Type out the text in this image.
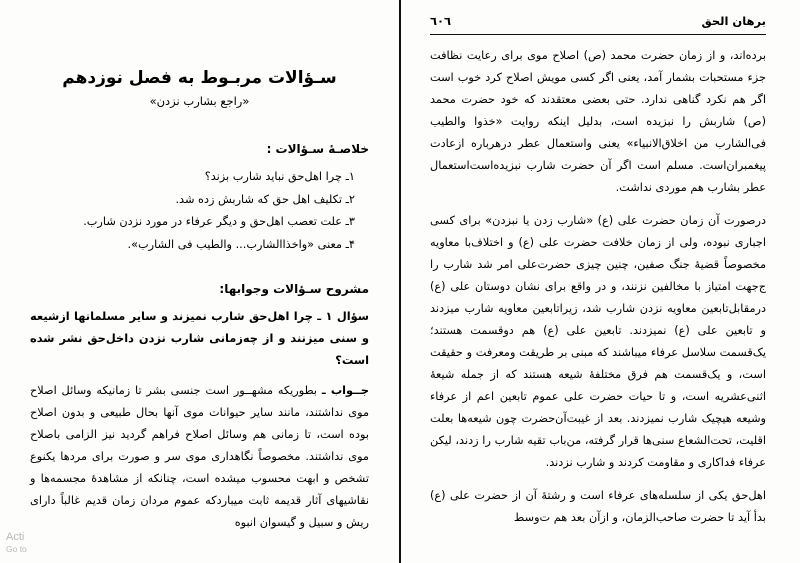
برهان الحق
٦٠٦

برده‌اند، و از زمان حضرت محمد (ص) اصلاح موی برای رعایت نظافت جزء مستحبات بشمار آمد، یعنی اگر کسی مویش اصلاح کرد خوب است اگر هم نکرد گناهی ندارد. حتی بعضی معتقدند که خود حضرت محمد (ص) شاربش را نبزیده است، بدلیل اینکه روایت «خذوا والطیب فی‌الشارب من اخلاق‌الانبیاء» یعنی واستعمال عطر درهرباره ازعادت پیغمبران‌است. مسلم است اگر آن حضرت شارب نبزیده‌است‌استعمال عطر بشارب هم موردی نداشت.

درصورت آن زمان حضرت علی (ع) «شارب زدن یا نبزدن» برای کسی اجباری نبوده، ولی از زمان خلافت حضرت علی (ع) و اختلاف‌با معاویه مخصوصاً قضیهٔ جنگ صفین، چنین چیزی حضرت‌علی امر شد شارب را ج‌جهت امتیاز با مخالفین نزنند، و در واقع برای نشان دوستان علی (ع) درمقابل‌تابعین معاویه نزدن شارب شد، زیرا‌تابعین معاویه شارب میزدند و تابعین علی (ع) نمیزدند. تابعین علی (ع) هم دوقسمت هستند؛ یک‌قسمت سلاسل عرفاء میباشند که مبنی بر طریقت ومعرفت و حقیقت است، و یک‌قسمت هم فرق مختلفهٔ شیعه هستند که از جمله شیعهٔ اثنی‌عشریه است، و تا حیات حضرت علی عموم تابعین اعم از عرفاء و‌شیعه هیچیک شارب نمیزدند. بعد از غیبت‌آن‌حضرت چون شیعه‌ها بعلت اقلیت، تحت‌الشعاع سنی‌ها قرار گرفته، من‌باب تقیه شارب را زدند، لیکن عرفاء فداکاری و مقاومت کردند و شارب نزدند.

اهل‌حق یکی از سلسله‌های عرفاء است و رشتهٔ آن از حضرت علی (ع) بدأ آید تا حضرت صاحب‌الزمان، و ازآن بعد هم ت‌وسط

سـؤالات مربـوط به فصل نوزدهم
«راجع بشارب نزدن»
خلاصـهٔ سـؤالات :
۱ـ چرا اهل‌حق نباید شارب بزند؟
۲ـ تکلیف اهل حق که شاربش زده شد.
۳ـ علت تعصب اهل‌حق و دیگر عرفاء در مورد نزدن شارب.
۴ـ معنی «واخذاالشارب... والطیب فی الشارب».
مشروح سـؤالات وجوابها:

سؤال ۱ ـ چرا اهل‌حق شارب نمیزند و سایر مسلمانها ازشیعه و سنی میزنند و از چه‌زمانی شارب نزدن داخل‌حق نشر شده است؟

جــواب ـ بطوریکه مشهــور است جنسی بشر تا زمانیکه وسائل اصلاح موی نداشتند، مانند سایر حیوانات موی آنها بحال طبیعی و بدون اصلاح بوده است، تا زمانی هم وسائل اصلاح فراهم گردید نیز الزامی باصلاح موی نداشتند. مخصوصاً نگاهداری موی سر و صورت برای مردها یکنوع تشخص و ابهت محسوب میشده است، چنانکه از مشاهدهٔ مجسمه‌ها و نقاشیهای آثار قدیمه ثابت میباردکه عموم مردان زمان قدیم غالباً دارای ریش و سبیل و گیسوان انبوه

Acti
Go to
